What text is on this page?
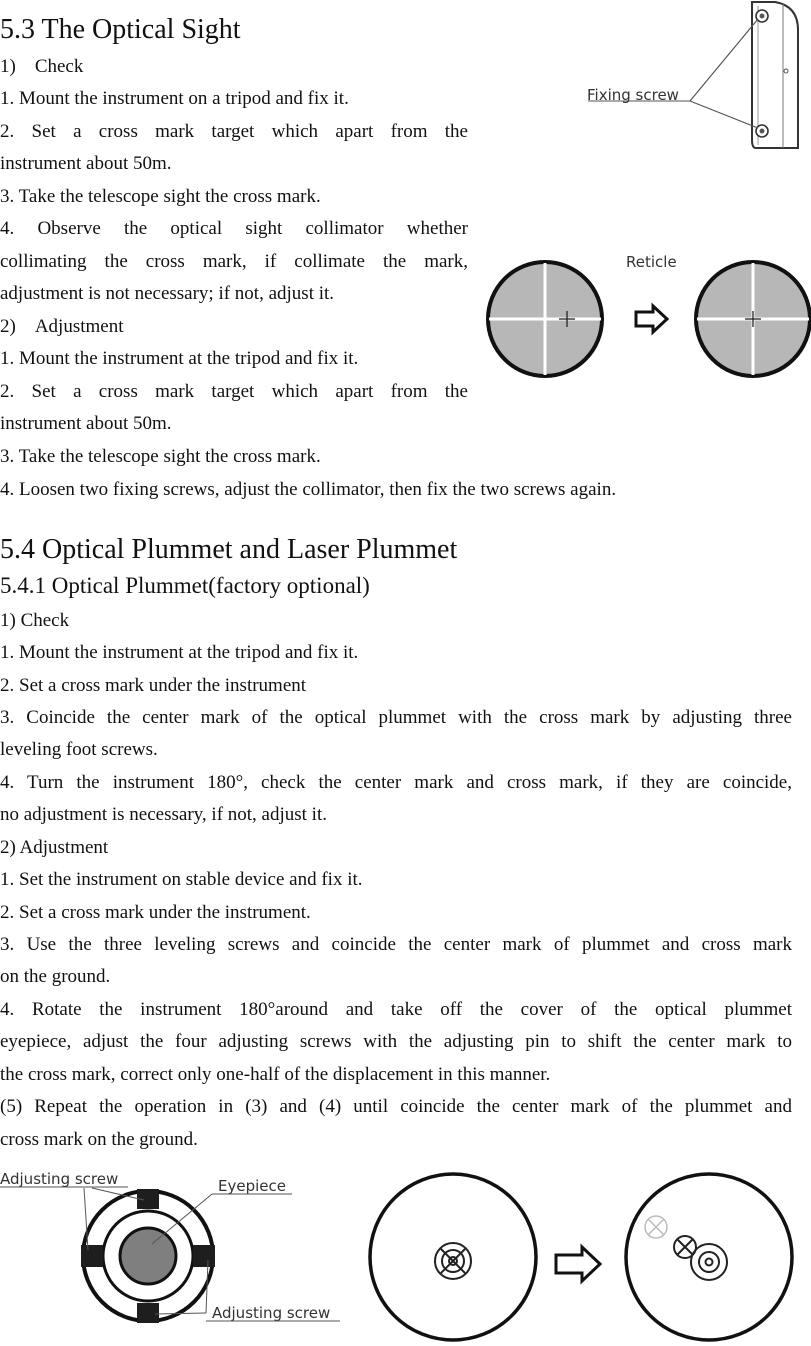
5.3 The Optical Sight
1) Check
1. Mount the instrument on a tripod and fix it.
2. Set a cross mark target which apart from the
instrument about 50m.
3. Take the telescope sight the cross mark.
4. Observe the optical sight collimator whether
collimating the cross mark, if collimate the mark,
adjustment is not necessary; if not, adjust it.
2) Adjustment
1. Mount the instrument at the tripod and fix it.
2. Set a cross mark target which apart from the
instrument about 50m.
3. Take the telescope sight the cross mark.
4. Loosen two fixing screws, adjust the collimator, then fix the two screws again.
Fixing screw
Reticle
5.4 Optical Plummet and Laser Plummet
5.4.1 Optical Plummet(factory optional)
1) Check
1. Mount the instrument at the tripod and fix it.
2. Set a cross mark under the instrument
3. Coincide the center mark of the optical plummet with the cross mark by adjusting three
leveling foot screws.
4. Turn the instrument 180°, check the center mark and cross mark, if they are coincide,
no adjustment is necessary, if not, adjust it.
2) Adjustment
1. Set the instrument on stable device and fix it.
2. Set a cross mark under the instrument.
3. Use the three leveling screws and coincide the center mark of plummet and cross mark
on the ground.
4. Rotate the instrument 180°around and take off the cover of the optical plummet
eyepiece, adjust the four adjusting screws with the adjusting pin to shift the center mark to
the cross mark, correct only one-half of the displacement in this manner.
(5) Repeat the operation in (3) and (4) until coincide the center mark of the plummet and
cross mark on the ground.
Adjusting screw	Eyepiece
Adjusting screw
